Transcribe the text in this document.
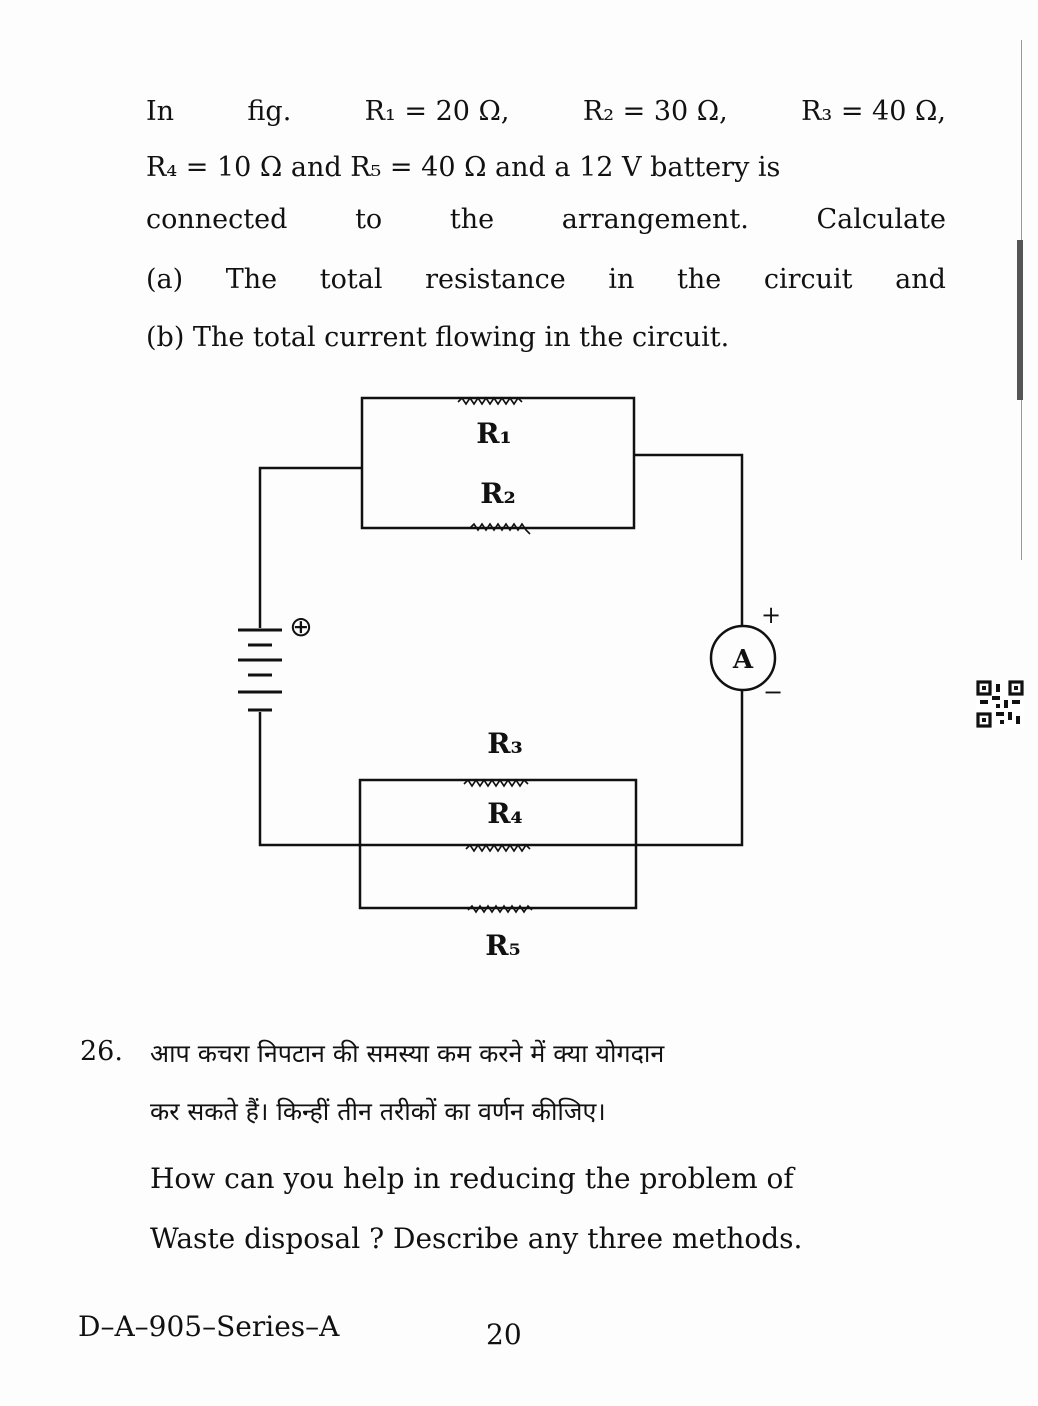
In	fig.	R₁ = 20 Ω,	R₂ = 30 Ω,	R₃ = 40 Ω,
R₄ = 10 Ω and R₅ = 40 Ω and a 12 V battery is
connected	to	the	arrangement.	Calculate
(a) The total resistance in the circuit and
(b) The total current flowing in the circuit.
A
+
−
⊕
R₁
R₂
R₃
R₄
R₅
26. आप कचरा निपटान की समस्या कम करने में क्या योगदान
कर सकते हैं। किन्हीं तीन तरीकों का वर्णन कीजिए।
How can you help in reducing the problem of
Waste disposal ? Describe any three methods.
D–A–905–Series–A	20
